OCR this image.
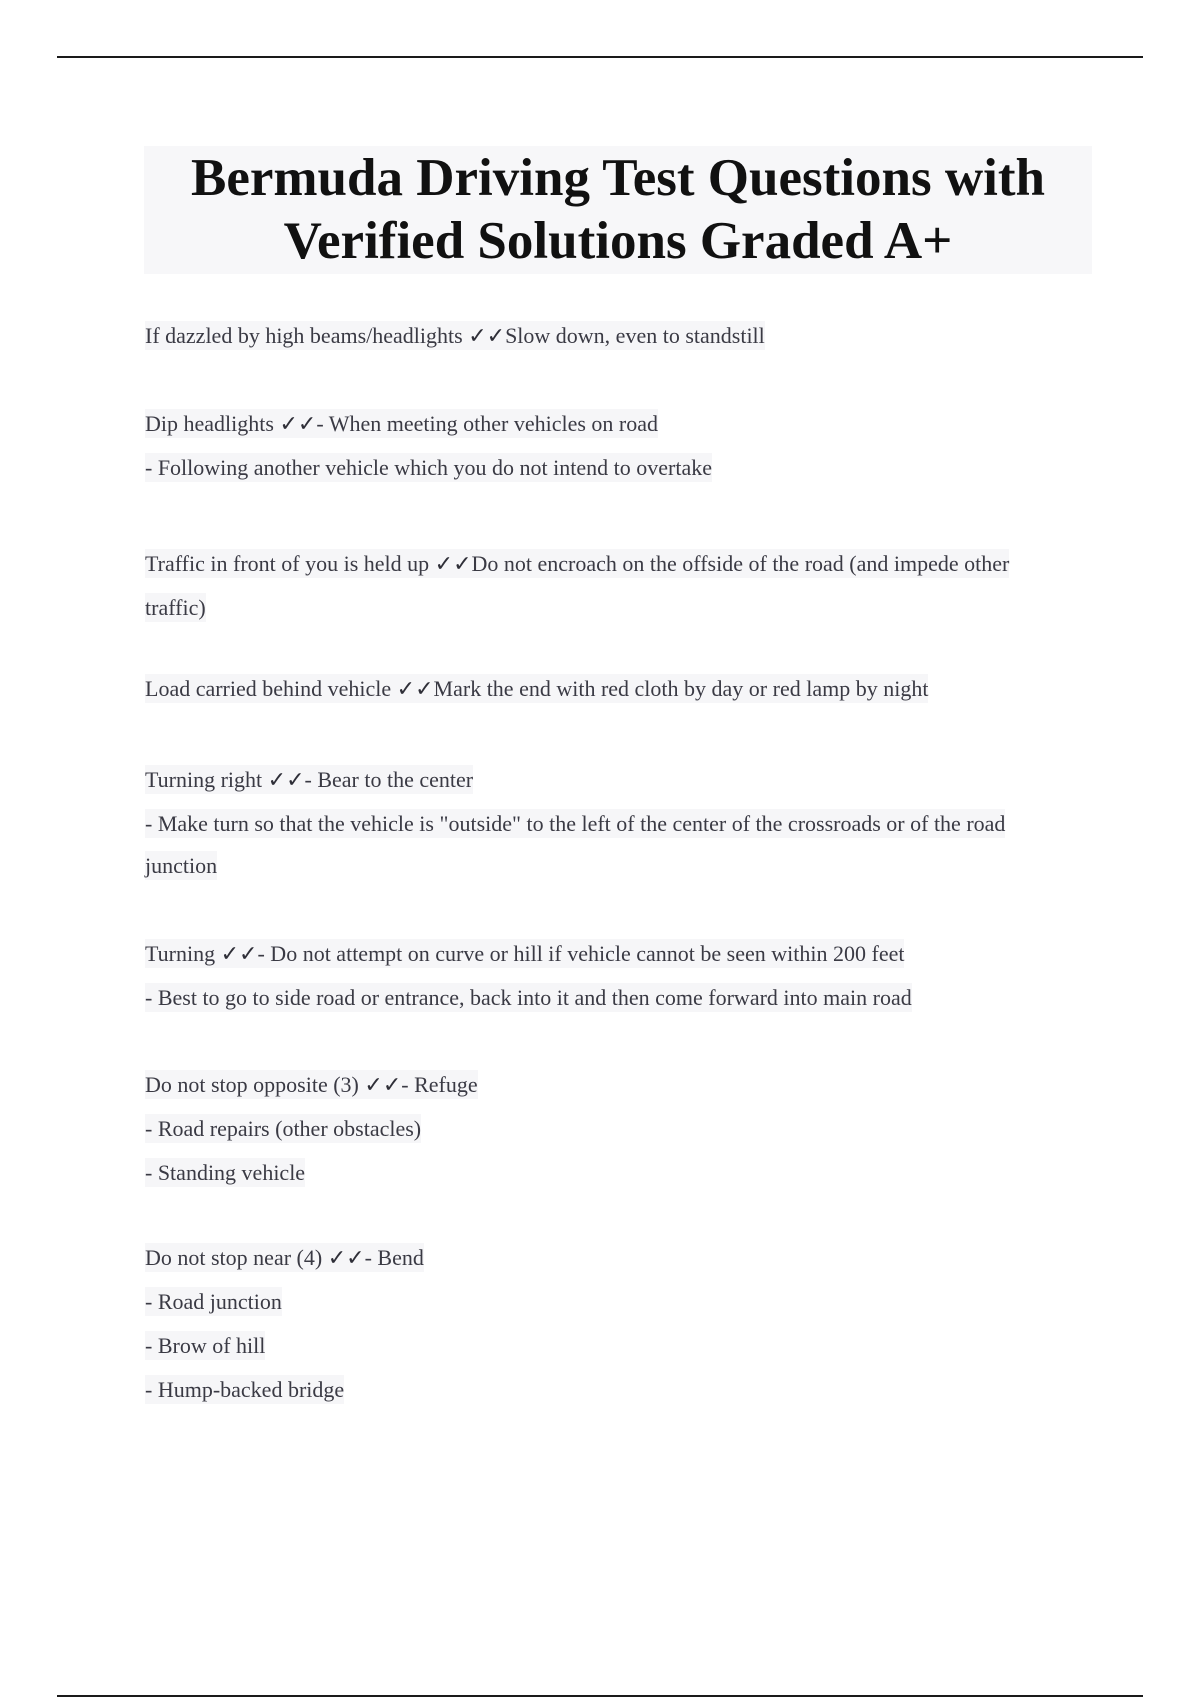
Bermuda Driving Test Questions with
Verified Solutions Graded A+
If dazzled by high beams/headlights ✓✓Slow down, even to standstill
Dip headlights ✓✓- When meeting other vehicles on road
- Following another vehicle which you do not intend to overtake
Traffic in front of you is held up ✓✓Do not encroach on the offside of the road (and impede other traffic)
Load carried behind vehicle ✓✓Mark the end with red cloth by day or red lamp by night
Turning right ✓✓- Bear to the center
- Make turn so that the vehicle is "outside" to the left of the center of the crossroads or of the road junction
Turning ✓✓- Do not attempt on curve or hill if vehicle cannot be seen within 200 feet
- Best to go to side road or entrance, back into it and then come forward into main road
Do not stop opposite (3) ✓✓- Refuge
- Road repairs (other obstacles)
- Standing vehicle
Do not stop near (4) ✓✓- Bend
- Road junction
- Brow of hill
- Hump-backed bridge
